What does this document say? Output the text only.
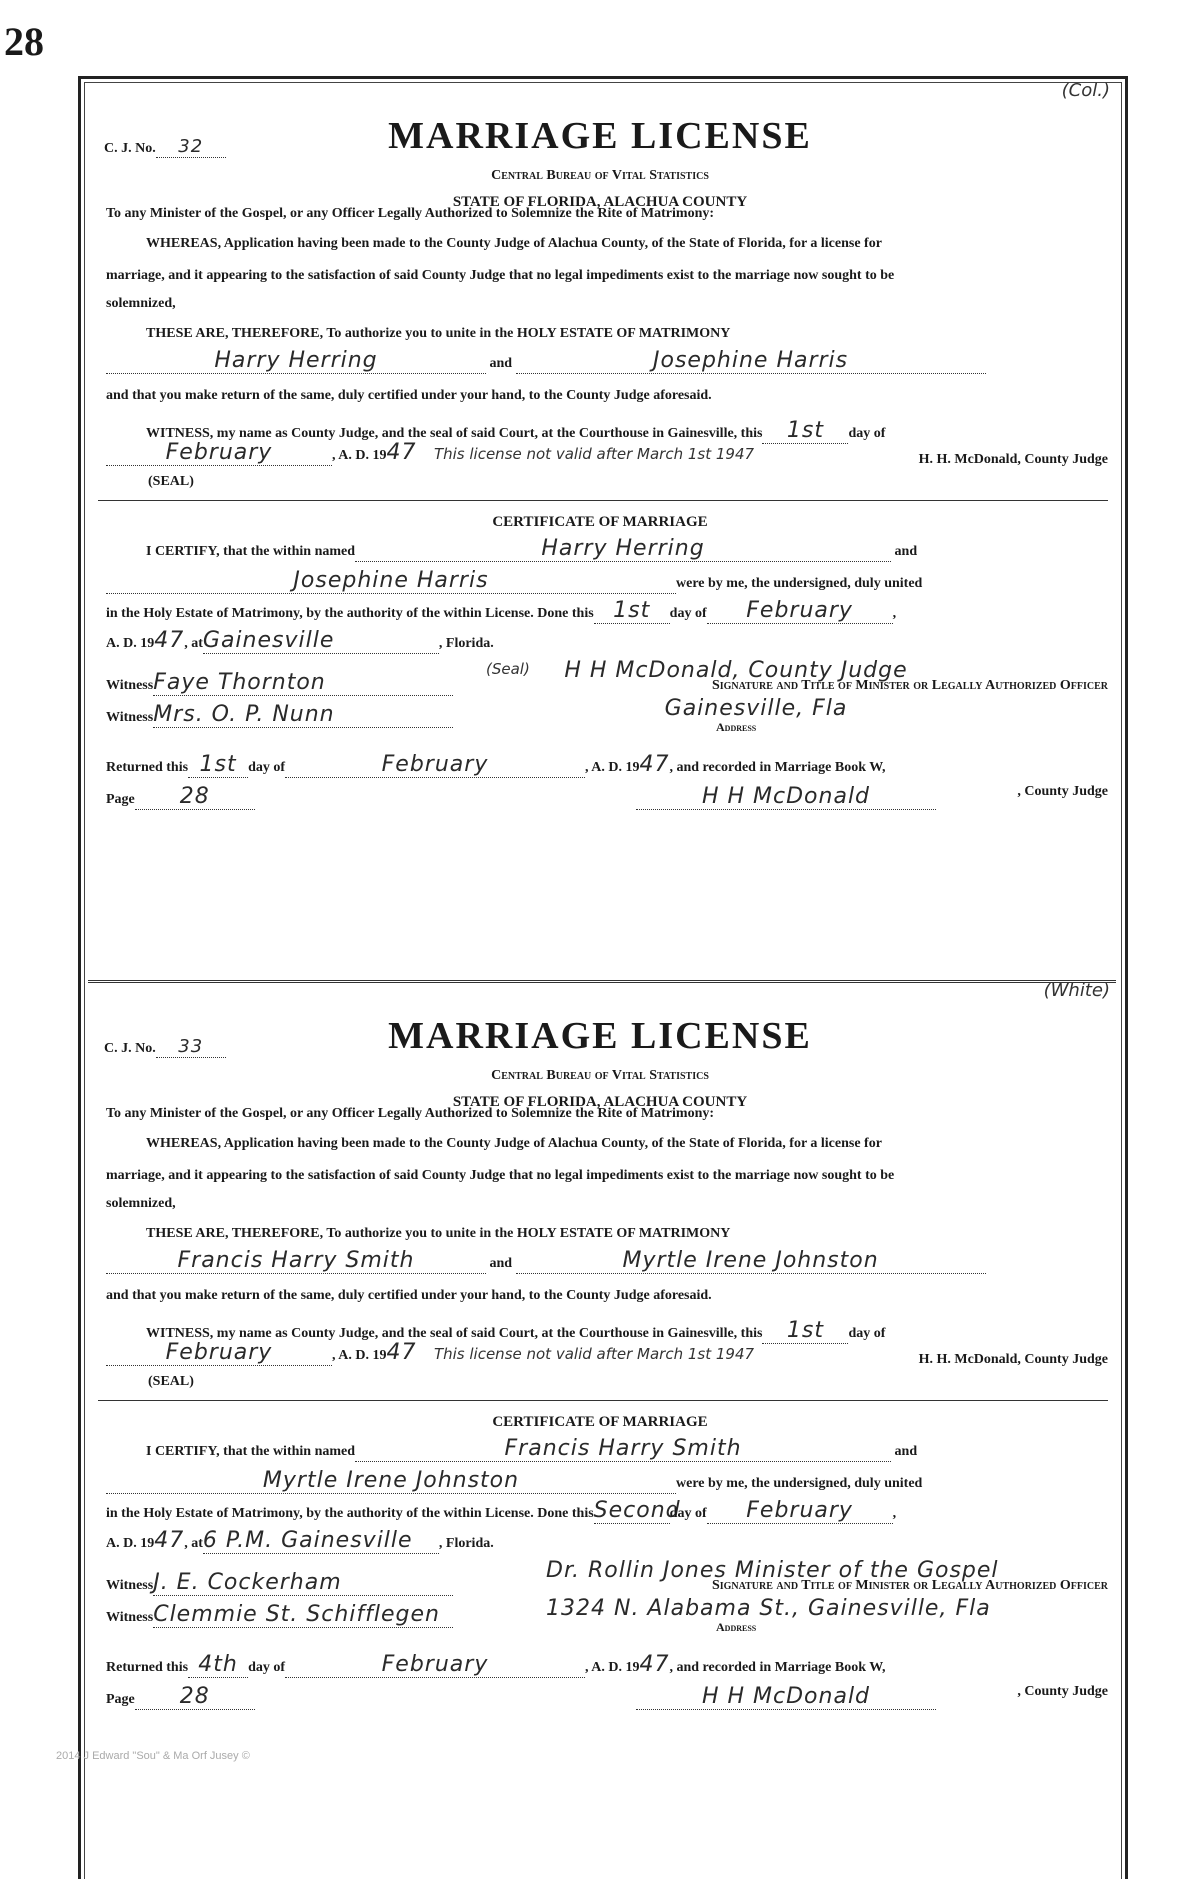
28
2014 J Edward "Sou" & Ma Orf Jusey ©
(Col.)
C. J. No. 32	MARRIAGE LICENSE
Central Bureau of Vital Statistics
STATE OF FLORIDA, ALACHUA COUNTY
To any Minister of the Gospel, or any Officer Legally Authorized to Solemnize the Rite of Matrimony:
WHEREAS, Application having been made to the County Judge of Alachua County, of the State of Florida, for a license for
marriage, and it appearing to the satisfaction of said County Judge that no legal impediments exist to the marriage now sought to be
solemnized,
THESE ARE, THEREFORE, To authorize you to unite in the HOLY ESTATE OF MATRIMONY
Harry Herring	and	Josephine Harris
and that you make return of the same, duly certified under your hand, to the County Judge aforesaid.
WITNESS, my name as County Judge, and the seal of said Court, at the Courthouse in Gainesville, this 1st day of
February	, A. D. 1947 This license not valid after March 1st 1947	H. H. McDonald, County Judge
(SEAL)
CERTIFICATE OF MARRIAGE
I CERTIFY, that the within named	Harry Herring	and
Josephine Harris	were by me, the undersigned, duly united
in the Holy Estate of Matrimony, by the authority of the within License. Done this 1st day of February	,
A. D. 1947, atGainesville	, Florida.
WitnessFaye Thornton
(Seal)	H H McDonald, County Judge
Signature and Title of Minister or Legally Authorized Officer
WitnessMrs. O. P. Nunn	Gainesville, Fla
Address
Returned this 1st day of	February	, A. D. 1947, and recorded in Marriage Book W,
Page 28	H H McDonald	, County Judge
(White)
C. J. No. 33	MARRIAGE LICENSE
Central Bureau of Vital Statistics
STATE OF FLORIDA, ALACHUA COUNTY
To any Minister of the Gospel, or any Officer Legally Authorized to Solemnize the Rite of Matrimony:
WHEREAS, Application having been made to the County Judge of Alachua County, of the State of Florida, for a license for
marriage, and it appearing to the satisfaction of said County Judge that no legal impediments exist to the marriage now sought to be
solemnized,
THESE ARE, THEREFORE, To authorize you to unite in the HOLY ESTATE OF MATRIMONY
Francis Harry Smith	and	Myrtle Irene Johnston
and that you make return of the same, duly certified under your hand, to the County Judge aforesaid.
WITNESS, my name as County Judge, and the seal of said Court, at the Courthouse in Gainesville, this 1st day of
February	, A. D. 1947 This license not valid after March 1st 1947	H. H. McDonald, County Judge
(SEAL)
CERTIFICATE OF MARRIAGE
I CERTIFY, that the within named	Francis Harry Smith	and
Myrtle Irene Johnston	were by me, the undersigned, duly united
in the Holy Estate of Matrimony, by the authority of the within License. Done thisSecondday of February	,
A. D. 1947, at6 P.M. Gainesville , Florida.
WitnessJ. E. Cockerham	Dr. Rollin Jones Minister of the Gospel
Signature and Title of Minister or Legally Authorized Officer
WitnessClemmie St. Schifflegen	1324 N. Alabama St., Gainesville, Fla
Address
Returned this 4th day of	February	, A. D. 1947, and recorded in Marriage Book W,
Page 28	H H McDonald	, County Judge
